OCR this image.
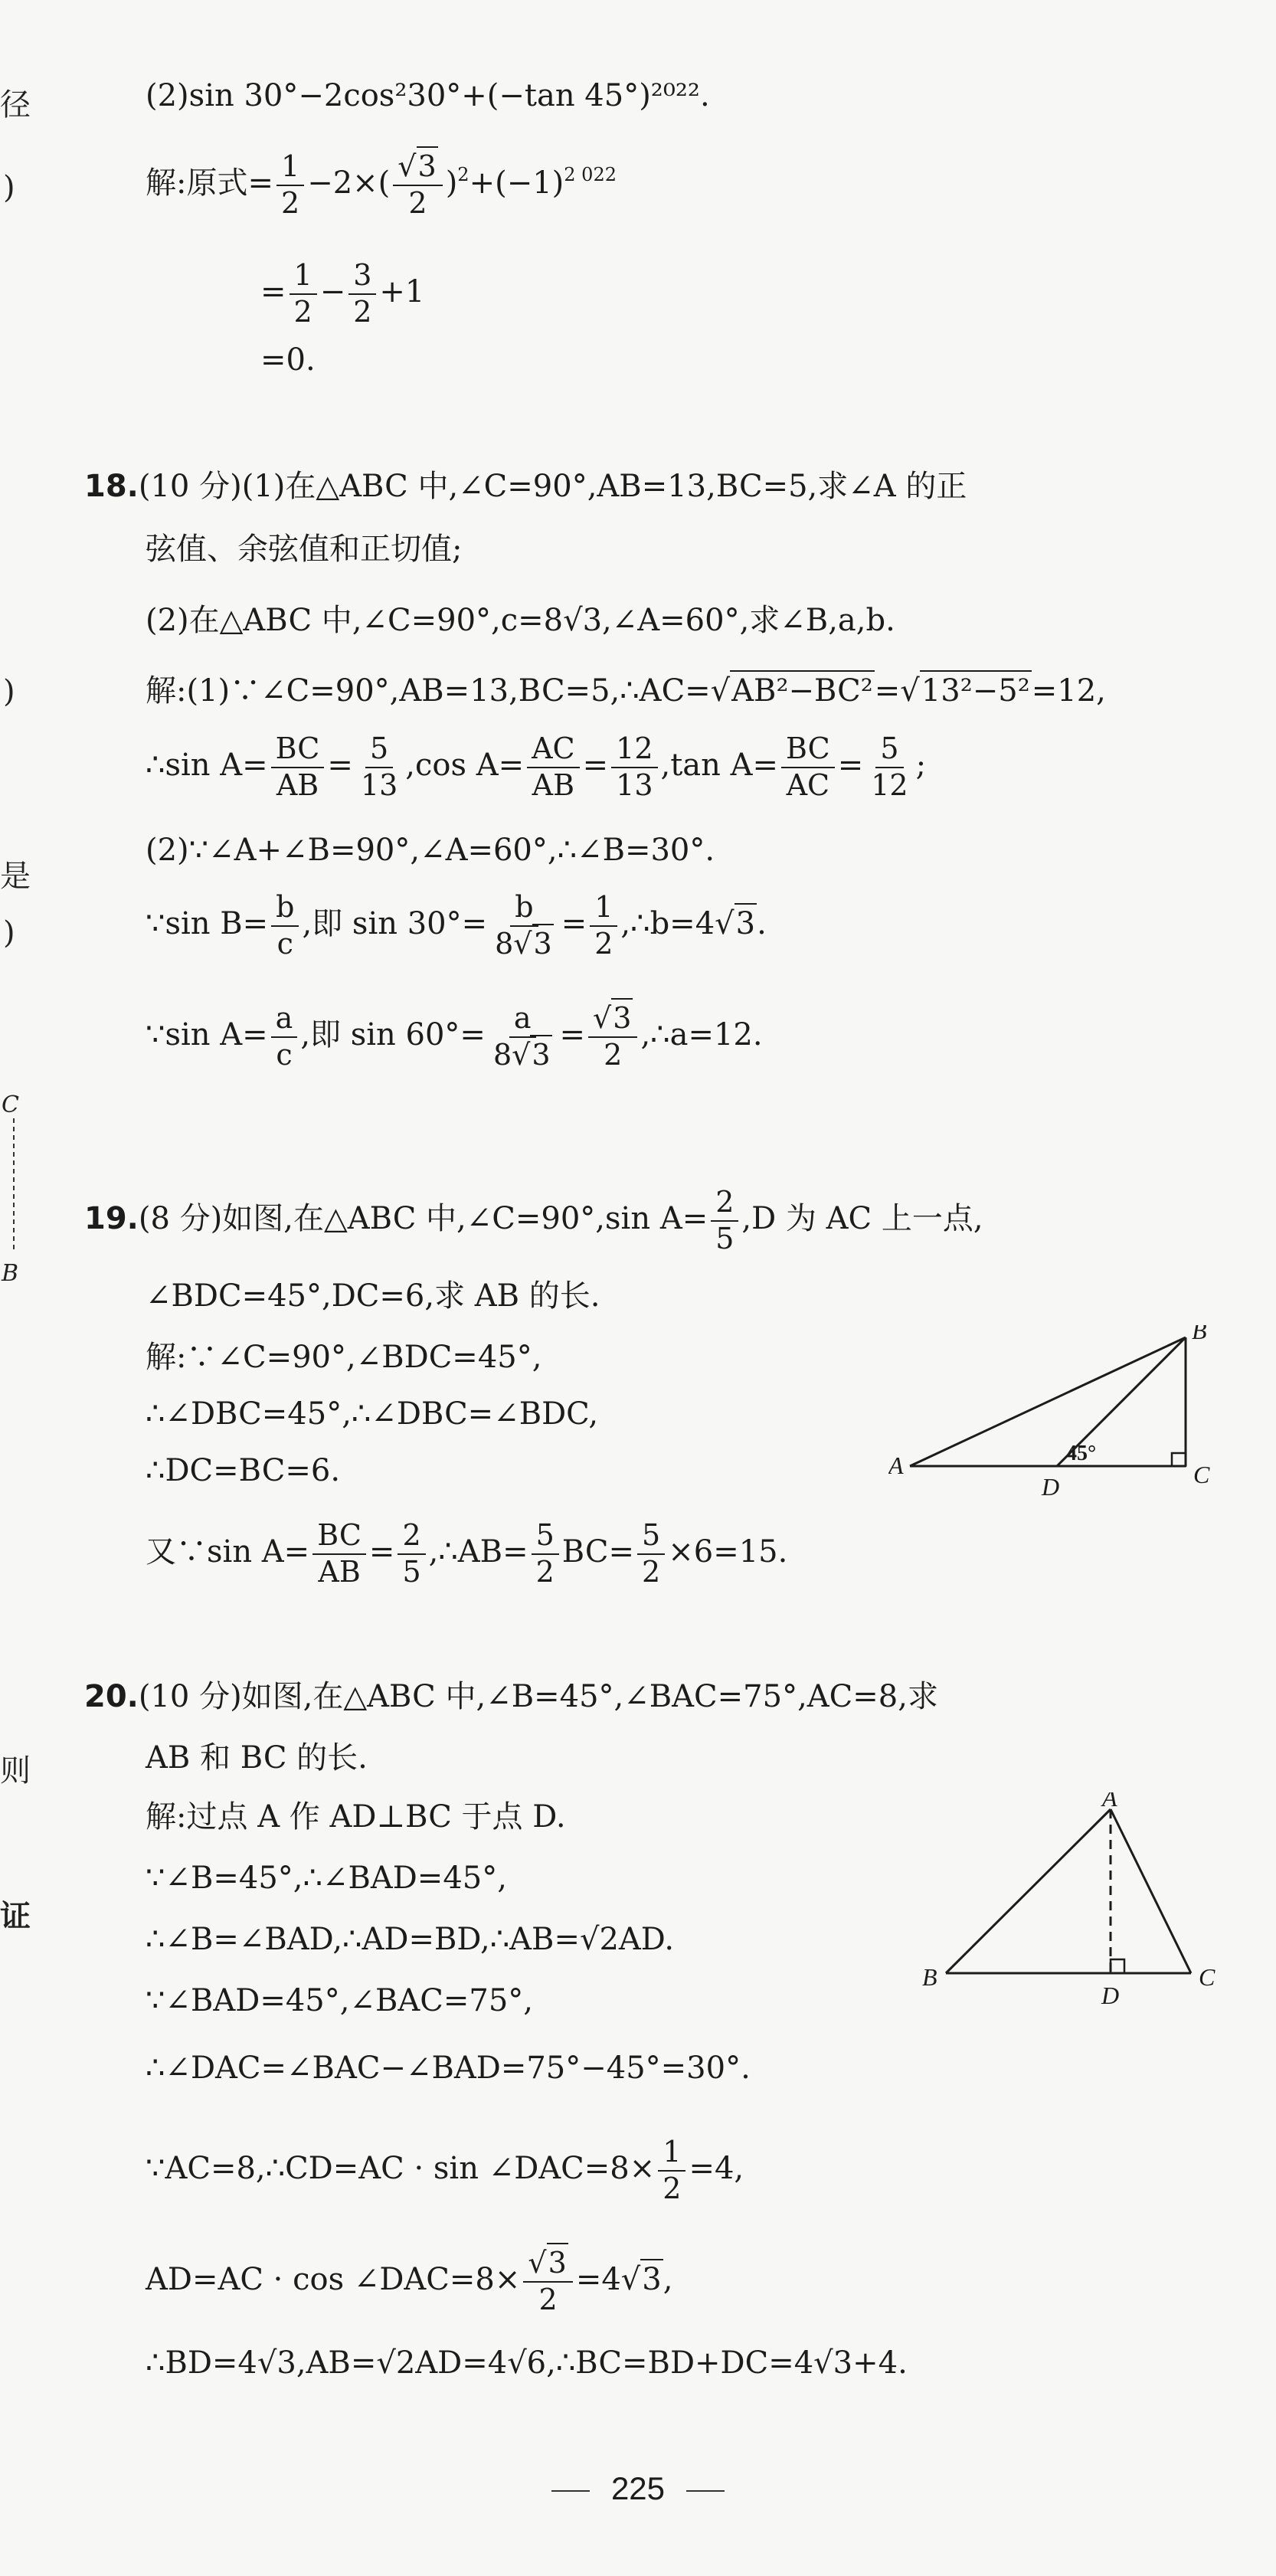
径
)
)
是
)
C
B
则
证
(2)sin 30°−2cos²30°+(−tan 45°)²⁰²².
解:原式= $\frac{1}{2} -2\times( \frac{√3}{2} )^2+(-1)^{2 022}$
= $\frac{1}{2} - \frac{3}{2} +1$
=0.
18.(10 分)(1)在△ABC 中,∠C=90°,AB=13,BC=5,求∠A 的正
弦值、余弦值和正切值;
(2)在△ABC 中,∠C=90°,c=8√3,∠A=60°,求∠B,a,b.
解:(1)∵∠C=90°,AB=13,BC=5,∴AC=√AB²−BC²=√13²−5²=12,
∴sin $A= \frac{BC}{AB} = \frac{5}{13} ,\cos$ $A= \frac{AC}{AB} = \frac{12}{13} ,\tan$ $A= \frac{BC}{AC} = \frac{5}{12}$ ;
(2)∵∠A+∠B=90°,∠A=60°,∴∠B=30°.
∵sin $B= \frac{b}{c}$ ,即 $\sin 30^\circ= \frac{b}{8√3} = \frac{1}{2}$ ,∴b=4√3.
∵sin $A= \frac{a}{c}$ ,即 $\sin 60^\circ= \frac{a}{8√3} = \frac{√3}{2}$ ,∴a=12.
19.(8 分)如图,在△ABC 中,∠C=90°,sin $A= \frac{2}{5} ,D$ 为 AC 上一点,
∠BDC=45°,DC=6,求 AB 的长.
解:∵∠C=90°,∠BDC=45°,
∴∠DBC=45°,∴∠DBC=∠BDC,
∴DC=BC=6.
又∵sin $A= \frac{BC}{AB} = \frac{2}{5}$ ,∴AB= $\frac{5}{2} BC= \frac{5}{2} \times 6=15$.
B
A	C
D
45°
20.(10 分)如图,在△ABC 中,∠B=45°,∠BAC=75°,AC=8,求
AB 和 BC 的长.
解:过点 A 作 AD⊥BC 于点 D.
∵∠B=45°,∴∠BAD=45°,
∴∠B=∠BAD,∴AD=BD,∴AB=√2AD.
∵∠BAD=45°,∠BAC=75°,
∴∠DAC=∠BAC−∠BAD=75°−45°=30°.
∵AC=8,∴CD=AC · sin ∠DAC=8× $\frac{1}{2} =4$,
AD=AC · cos ∠DAC=8× $\frac{√3}{2} =4√3$,
∴BD=4√3,AB=√2AD=4√6,∴BC=BD+DC=4√3+4.
A
B	C
D
225
